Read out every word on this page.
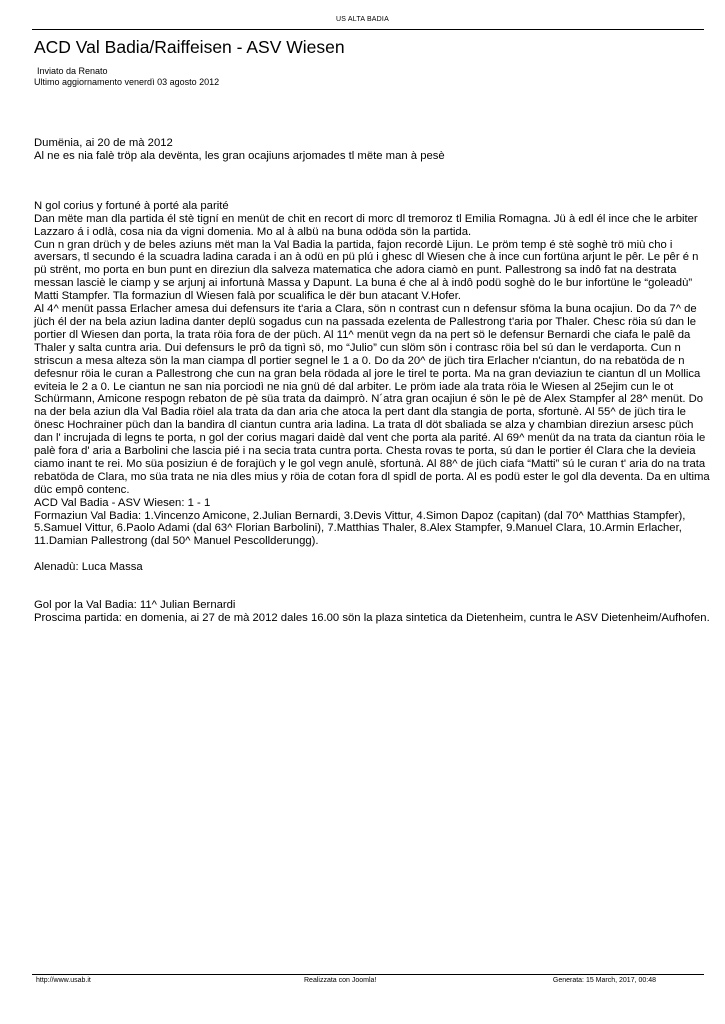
US ALTA BADIA
ACD Val Badia/Raiffeisen - ASV Wiesen
Inviato da Renato
Ultimo aggiornamento venerdì 03 agosto 2012

Dumënia, ai 20 de mà 2012

Al ne es nia falè tröp ala devënta, les gran ocajiuns arjomades tl mëte man à pesè

N gol corius y fortuné à porté ala parité

Dan mëte man dla partida él stè tigní en menüt de chit en recort di morc dl tremoroz tl Emilia Romagna. Jü à edl él ince che le arbiter Lazzaro á i odlà, cosa nia da vigni domenia. Mo al à albü na buna odöda sön la partida.

Cun n gran drüch y de beles aziuns mët man la Val Badia la partida, fajon recordè Lijun. Le pröm temp é stè soghè trö miù cho i aversars, tl secundo é la scuadra ladina carada i an à odü en pü plú i ghesc dl Wiesen che à ince cun fortüna arjunt le pêr. Le pêr é n pü strënt, mo porta en bun punt en direziun dla salveza matematica che adora ciamò en punt. Pallestrong sa indô fat na destrata messan lasciè le ciamp y se arjunj ai infortunà Massa y Dapunt. La buna é che al à indô podü soghè do le bur infortüne le “goleadù” Matti Stampfer. Tla formaziun dl Wiesen falà por scualifica le dër bun atacant V.Hofer.

Al 4^ menüt passa Erlacher amesa dui defensurs ite t'aria a Clara, sön n contrast cun n defensur sföma la buna ocajiun. Do da 7^ de jüch él der na bela aziun ladina danter deplü sogadus cun na passada ezelenta de Pallestrong t'aria por Thaler. Chesc röia sú dan le portier dl Wiesen dan porta, la trata röia fora de der püch. Al 11^ menüt vegn da na pert sö le defensur Bernardi che ciafa le palê da Thaler y salta cuntra aria. Dui defensurs le prô da tignì sö, mo “Julio” cun slöm sön i contrasc röia bel sú dan le verdaporta. Cun n striscun a mesa alteza sön la man ciampa dl portier segnel le 1 a 0. Do da 20^ de jüch tira Erlacher n'ciantun, do na rebatöda de n defesnur röia le curan a Pallestrong che cun na gran bela rödada al jore le tirel te porta. Ma na gran deviaziun te ciantun dl un Mollica eviteia le 2 a 0. Le ciantun ne san nia porciodì ne nia gnü dé dal arbiter. Le pröm iade ala trata röia le Wiesen al 25ejim cun le ot Schürmann, Amicone respogn rebaton de pè süa trata da daimprò. N´atra gran ocajiun é sön le pè de Alex Stampfer al 28^ menüt. Do na der bela aziun dla Val Badia röiel ala trata da dan aria che atoca la pert dant dla stangia de porta, sfortunè. Al 55^ de jüch tira le önesc Hochrainer püch dan la bandira dl ciantun cuntra aria ladina. La trata dl döt sbaliada se alza y chambian direziun arsesc püch dan l' incrujada di legns te porta, n gol der corius magari daidè dal vent che porta ala parité. Al 69^ menüt da na trata da ciantun röia le palè fora d' aria a Barbolini che lascia pié i na secia trata cuntra porta. Chesta rovas te porta, sú dan le portier él Clara che la devieia ciamo inant te rei. Mo süa posiziun é de forajüch y le gol vegn anulè, sfortunà. Al 88^ de jüch ciafa “Matti” sú le curan t' aria do na trata rebatöda de Clara, mo süa trata ne nia dles mius y röia de cotan fora dl spidl de porta. Al es podü ester le gol dla deventa. Da en ultima düc empô contenc.

ACD Val Badia - ASV Wiesen: 1 - 1

Formaziun Val Badia: 1.Vincenzo Amicone, 2.Julian Bernardi, 3.Devis Vittur, 4.Simon Dapoz (capitan) (dal 70^ Matthias Stampfer), 5.Samuel Vittur, 6.Paolo Adami (dal 63^ Florian Barbolini), 7.Matthias Thaler, 8.Alex Stampfer, 9.Manuel Clara, 10.Armin Erlacher, 11.Damian Pallestrong (dal 50^ Manuel Pescollderungg).

Alenadù: Luca Massa

Gol por la Val Badia: 11^ Julian Bernardi

Proscima partida: en domenia, ai 27 de mà 2012 dales 16.00 sön la plaza sintetica da Dietenheim, cuntra le ASV Dietenheim/Aufhofen.

http://www.usab.it	Realizzata con Joomla!	Generata: 15 March, 2017, 00:48
